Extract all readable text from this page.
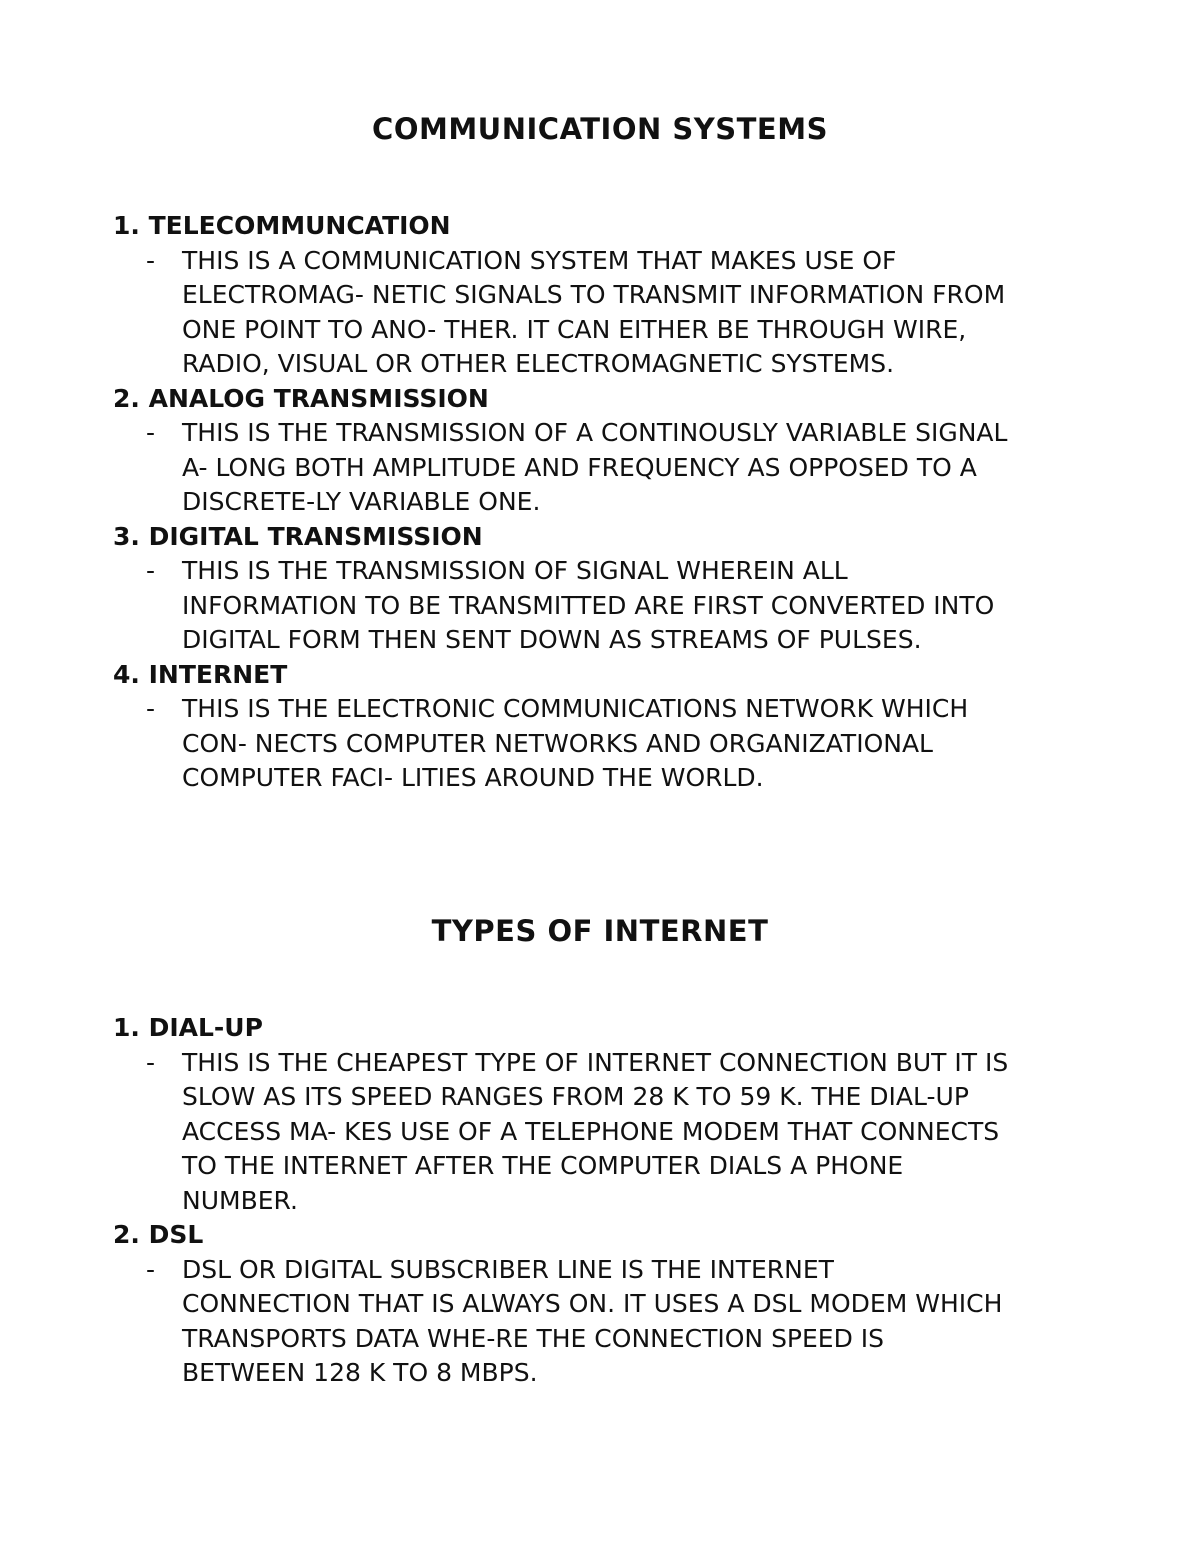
COMMUNICATION SYSTEMS
1. TELECOMMUNCATION
- THIS IS A COMMUNICATION SYSTEM THAT MAKES USE OF
ELECTROMAG- NETIC SIGNALS TO TRANSMIT INFORMATION FROM
ONE POINT TO ANO- THER. IT CAN EITHER BE THROUGH WIRE,
RADIO, VISUAL OR OTHER ELECTROMAGNETIC SYSTEMS.
2. ANALOG TRANSMISSION
- THIS IS THE TRANSMISSION OF A CONTINOUSLY VARIABLE SIGNAL
A- LONG BOTH AMPLITUDE AND FREQUENCY AS OPPOSED TO A
DISCRETE-LY VARIABLE ONE.
3. DIGITAL TRANSMISSION
- THIS IS THE TRANSMISSION OF SIGNAL WHEREIN ALL
INFORMATION TO BE TRANSMITTED ARE FIRST CONVERTED INTO
DIGITAL FORM THEN SENT DOWN AS STREAMS OF PULSES.
4. INTERNET
- THIS IS THE ELECTRONIC COMMUNICATIONS NETWORK WHICH
CON- NECTS COMPUTER NETWORKS AND ORGANIZATIONAL
COMPUTER FACI- LITIES AROUND THE WORLD.
TYPES OF INTERNET
1. DIAL-UP
- THIS IS THE CHEAPEST TYPE OF INTERNET CONNECTION BUT IT IS
SLOW AS ITS SPEED RANGES FROM 28 K TO 59 K. THE DIAL-UP
ACCESS MA- KES USE OF A TELEPHONE MODEM THAT CONNECTS
TO THE INTERNET AFTER THE COMPUTER DIALS A PHONE
NUMBER.
2. DSL
- DSL OR DIGITAL SUBSCRIBER LINE IS THE INTERNET
CONNECTION THAT IS ALWAYS ON. IT USES A DSL MODEM WHICH
TRANSPORTS DATA WHE-RE THE CONNECTION SPEED IS
BETWEEN 128 K TO 8 MBPS.
